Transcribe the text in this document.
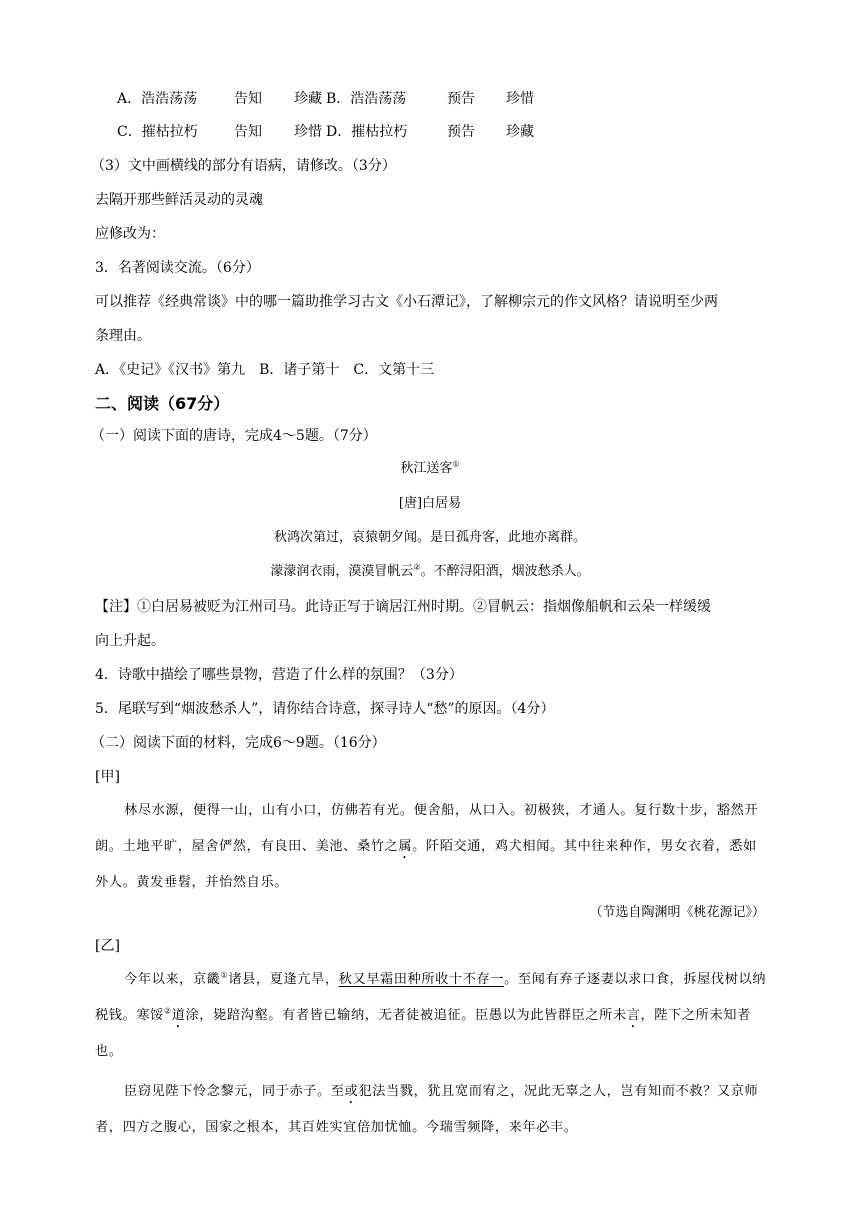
A．浩浩荡荡	告知 珍藏 B．浩浩荡荡	预告 珍惜
C．摧枯拉朽	告知 珍惜 D．摧枯拉朽	预告 珍藏
（3）文中画横线的部分有语病，请修改。（3分）
去隔开那些鲜活灵动的灵魂
应修改为：
3．名著阅读交流。（6分）
可以推荐《经典常谈》中的哪一篇助推学习古文《小石潭记》，了解柳宗元的作文风格？请说明至少两
条理由。
A．《史记》《汉书》第九　B．诸子第十　C．文第十三
二、阅读（67分）
（一）阅读下面的唐诗，完成4～5题。（7分）
秋江送客①
[唐]白居易
秋鸿次第过，哀猿朝夕闻。是日孤舟客，此地亦离群。
濛濛润衣雨，漠漠冒帆云②。不醉浔阳酒，烟波愁杀人。
【注】①白居易被贬为江州司马。此诗正写于谪居江州时期。②冒帆云：指烟像船帆和云朵一样缓缓
向上升起。
4．诗歌中描绘了哪些景物，营造了什么样的氛围？（3分）
5．尾联写到“烟波愁杀人”，请你结合诗意，探寻诗人“愁”的原因。（4分）
（二）阅读下面的材料，完成6～9题。（16分）
[甲]

林尽水源，便得一山，山有小口，仿佛若有光。便舍船，从口入。初极狭，才通人。复行数十步，豁然开朗。土地平旷，屋舍俨然，有良田、美池、桑竹之属。阡陌交通，鸡犬相闻。其中往来种作，男女衣着，悉如外人。黄发垂髫，并怡然自乐。

（节选自陶渊明《桃花源记》）
[乙]

今年以来，京畿①诸县，夏逢亢旱，秋又早霜田种所收十不存一。至闻有弃子逐妻以求口食，拆屋伐树以纳税钱。寒馁②道涂，毙踣沟壑。有者皆已输纳，无者徒被追征。臣愚以为此皆群臣之所未言，陛下之所未知者也。

臣窃见陛下怜念黎元，同于赤子。至或犯法当戮，犹且宽而宥之，况此无辜之人，岂有知而不救？又京师者，四方之腹心，国家之根本，其百姓实宜倍加忧恤。今瑞雪频降，来年必丰。
